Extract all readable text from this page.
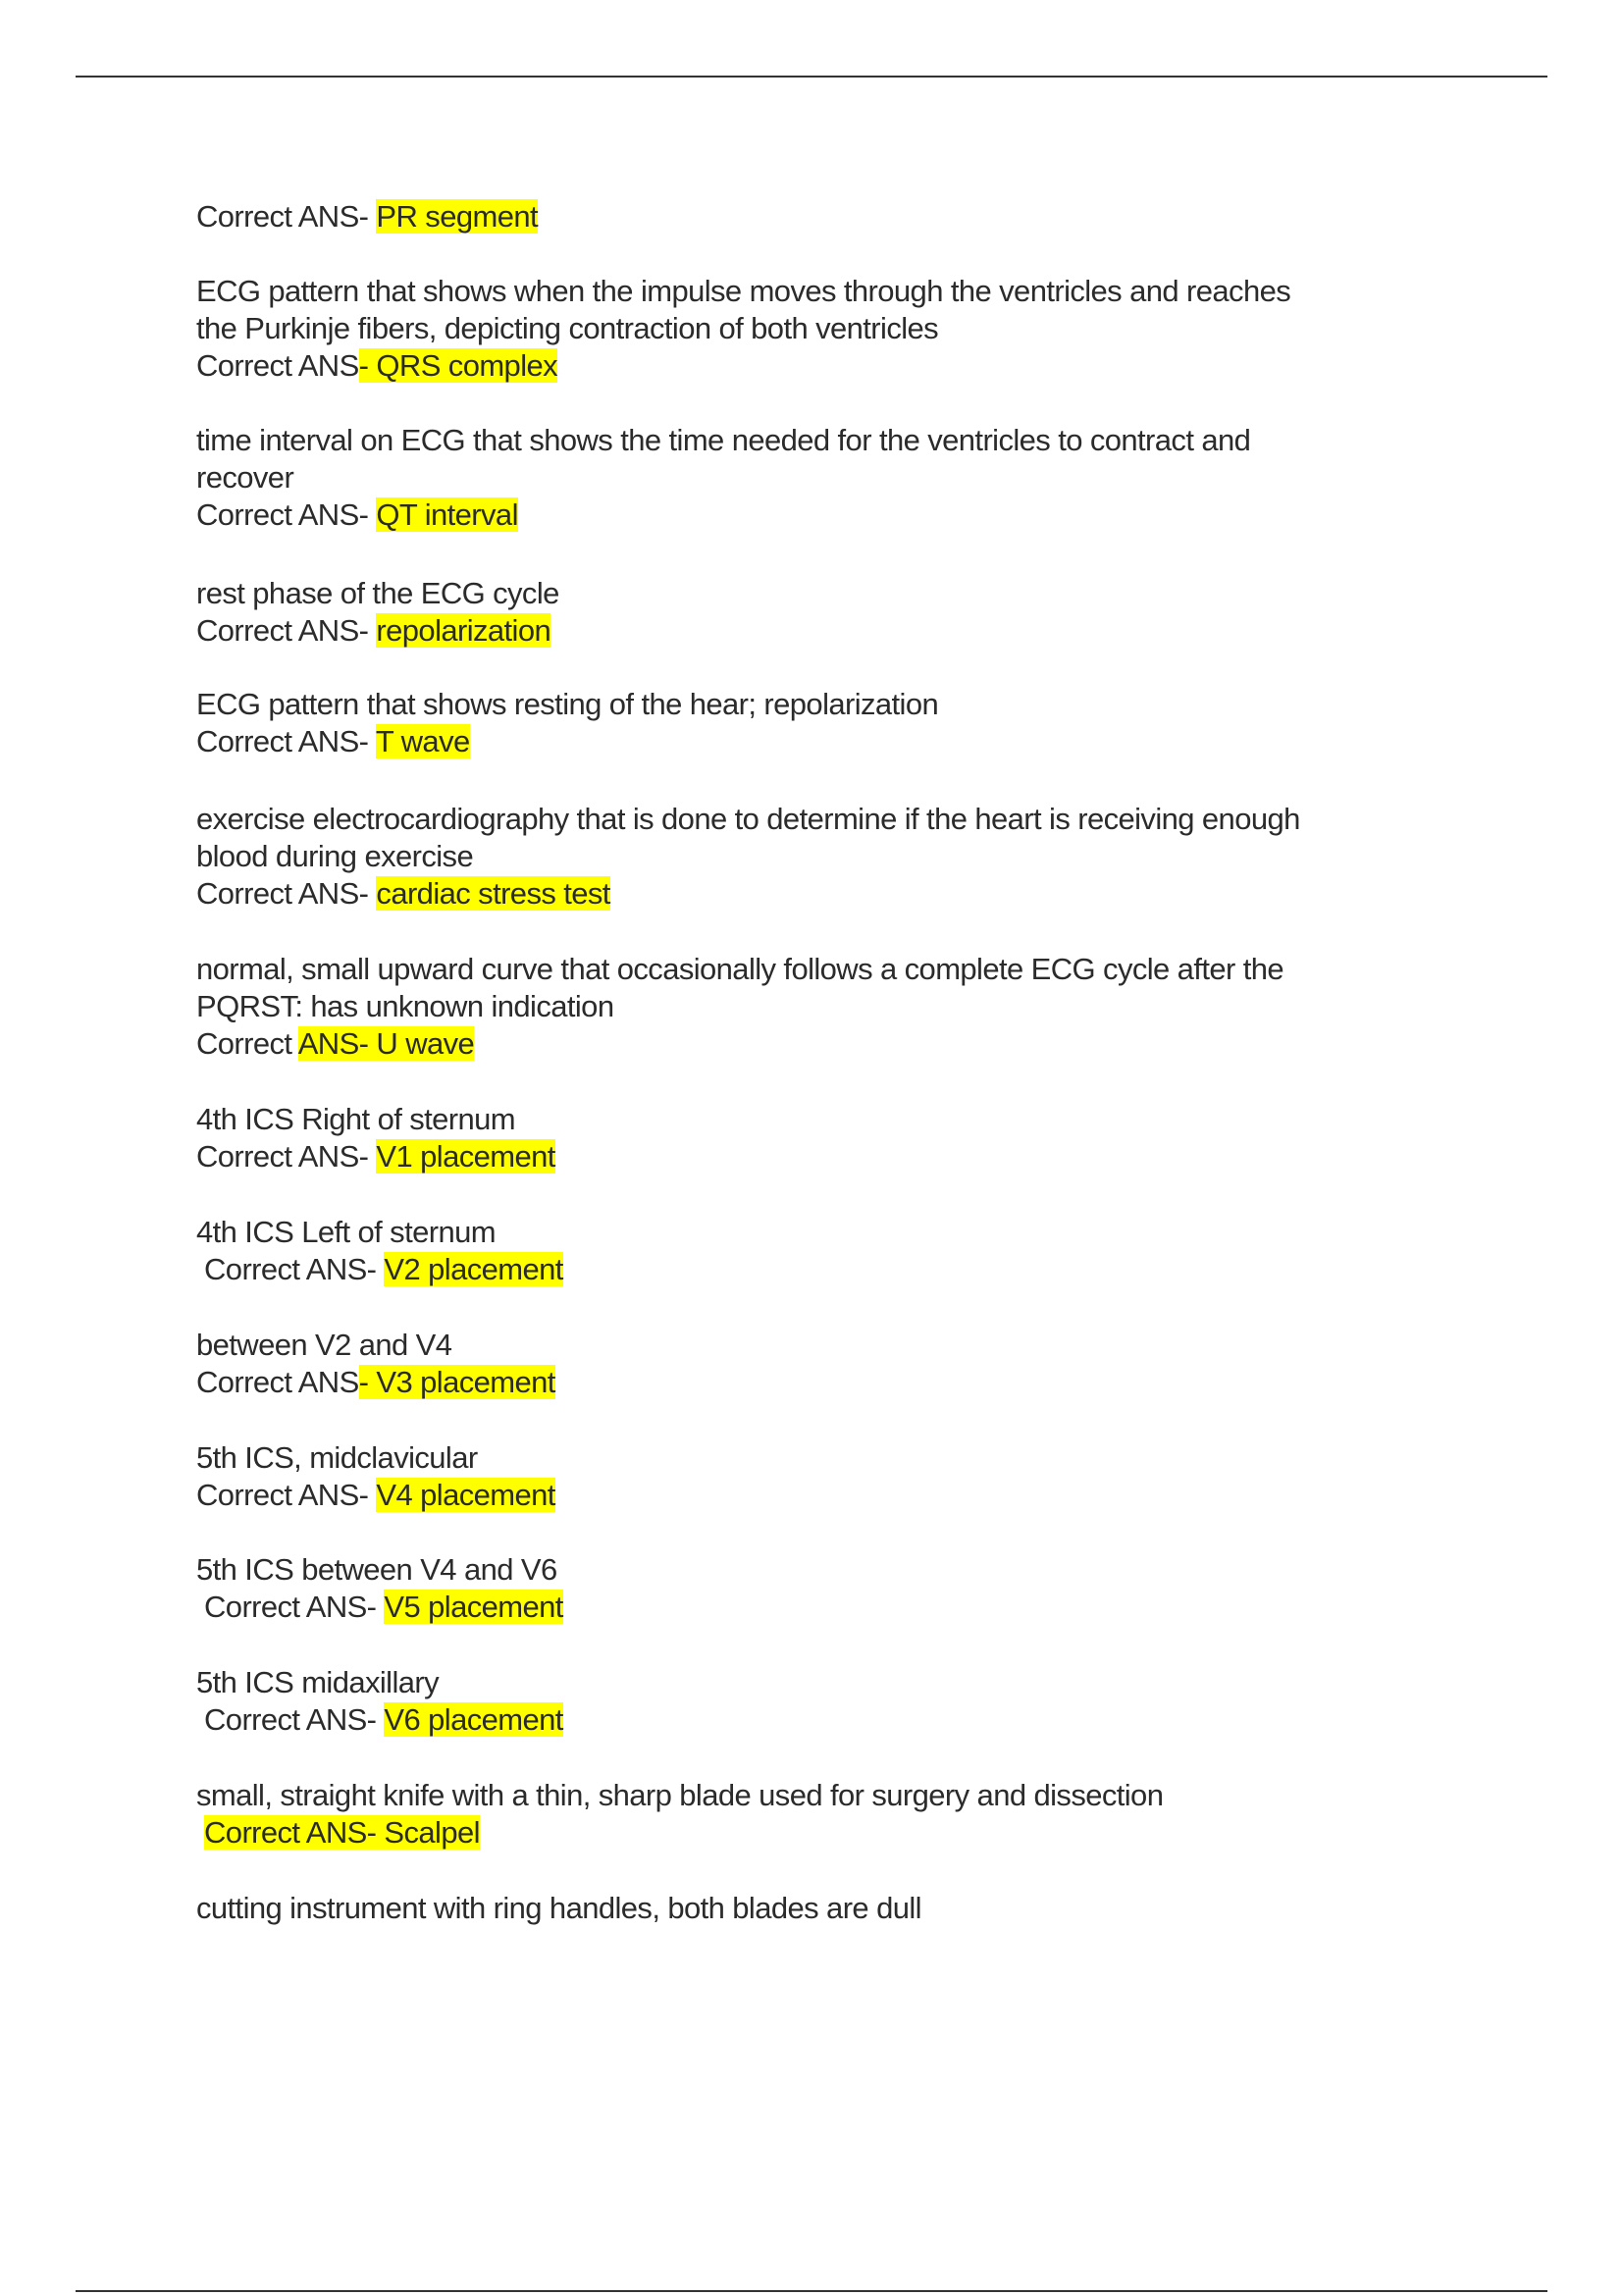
Correct ANS- PR segment
ECG pattern that shows when the impulse moves through the ventricles and reaches
the Purkinje fibers, depicting contraction of both ventricles
Correct ANS- QRS complex
time interval on ECG that shows the time needed for the ventricles to contract and
recover
Correct ANS- QT interval
rest phase of the ECG cycle
Correct ANS- repolarization
ECG pattern that shows resting of the hear; repolarization
Correct ANS- T wave
exercise electrocardiography that is done to determine if the heart is receiving enough
blood during exercise
Correct ANS- cardiac stress test
normal, small upward curve that occasionally follows a complete ECG cycle after the
PQRST: has unknown indication
Correct ANS- U wave
4th ICS Right of sternum
Correct ANS- V1 placement
4th ICS Left of sternum
Correct ANS- V2 placement
between V2 and V4
Correct ANS- V3 placement
5th ICS, midclavicular
Correct ANS- V4 placement
5th ICS between V4 and V6
Correct ANS- V5 placement
5th ICS midaxillary
Correct ANS- V6 placement
small, straight knife with a thin, sharp blade used for surgery and dissection
Correct ANS- Scalpel
cutting instrument with ring handles, both blades are dull
